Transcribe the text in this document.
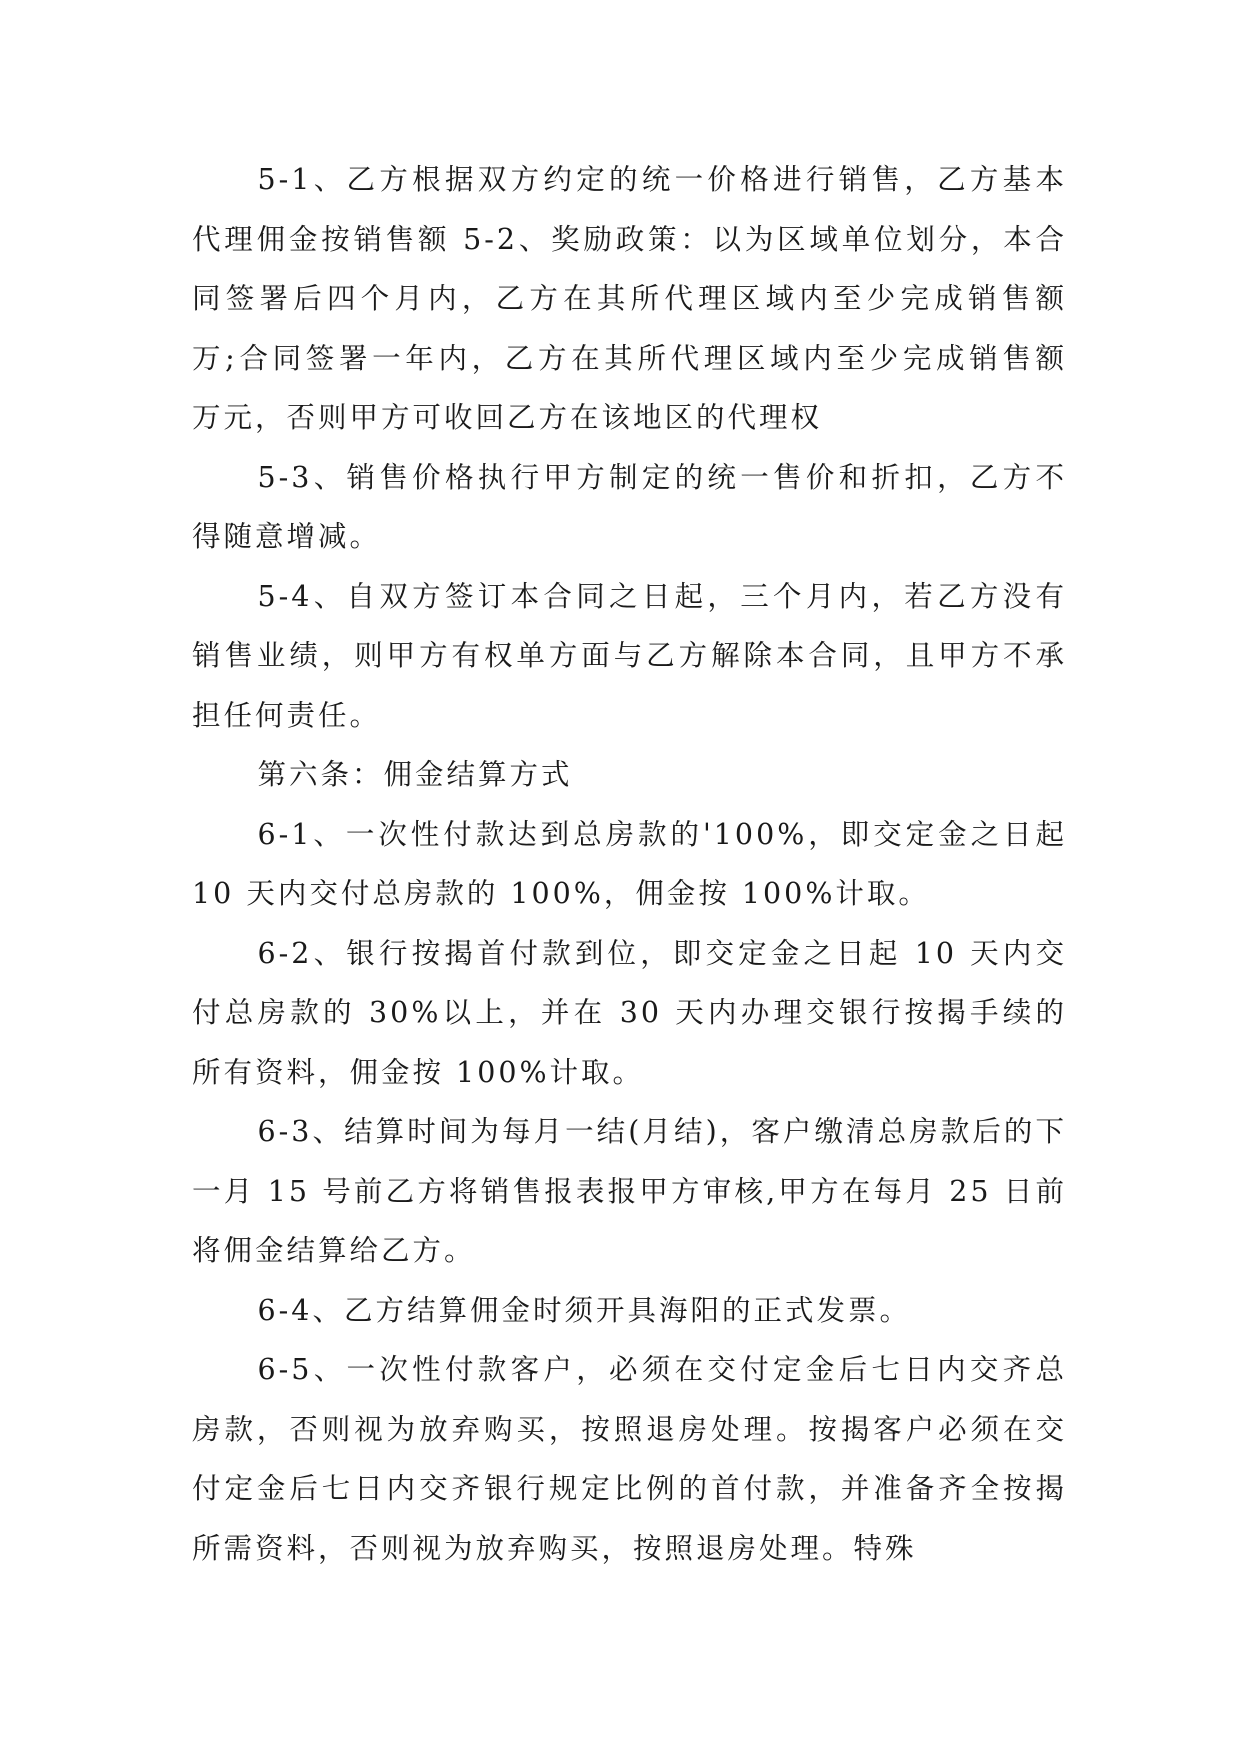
5-1、乙方根据双方约定的统一价格进行销售，乙方基本代理佣金按销售额 5-2、奖励政策：以为区域单位划分，本合同签署后四个月内，乙方在其所代理区域内至少完成销售额 万;合同签署一年内，乙方在其所代理区域内至少完成销售额 万元，否则甲方可收回乙方在该地区的代理权

5-3、销售价格执行甲方制定的统一售价和折扣，乙方不得随意增减。

5-4、自双方签订本合同之日起，三个月内，若乙方没有销售业绩，则甲方有权单方面与乙方解除本合同，且甲方不承担任何责任。

第六条：佣金结算方式

6-1、一次性付款达到总房款的'100%，即交定金之日起10 天内交付总房款的 100%，佣金按 100%计取。

6-2、银行按揭首付款到位，即交定金之日起 10 天内交付总房款的 30%以上，并在 30 天内办理交银行按揭手续的所有资料，佣金按 100%计取。

6-3、结算时间为每月一结(月结)，客户缴清总房款后的下一月 15 号前乙方将销售报表报甲方审核,甲方在每月 25 日前将佣金结算给乙方。

6-4、乙方结算佣金时须开具海阳的正式发票。

6-5、一次性付款客户，必须在交付定金后七日内交齐总房款，否则视为放弃购买，按照退房处理。按揭客户必须在交付定金后七日内交齐银行规定比例的首付款，并准备齐全按揭所需资料，否则视为放弃购买，按照退房处理。特殊
